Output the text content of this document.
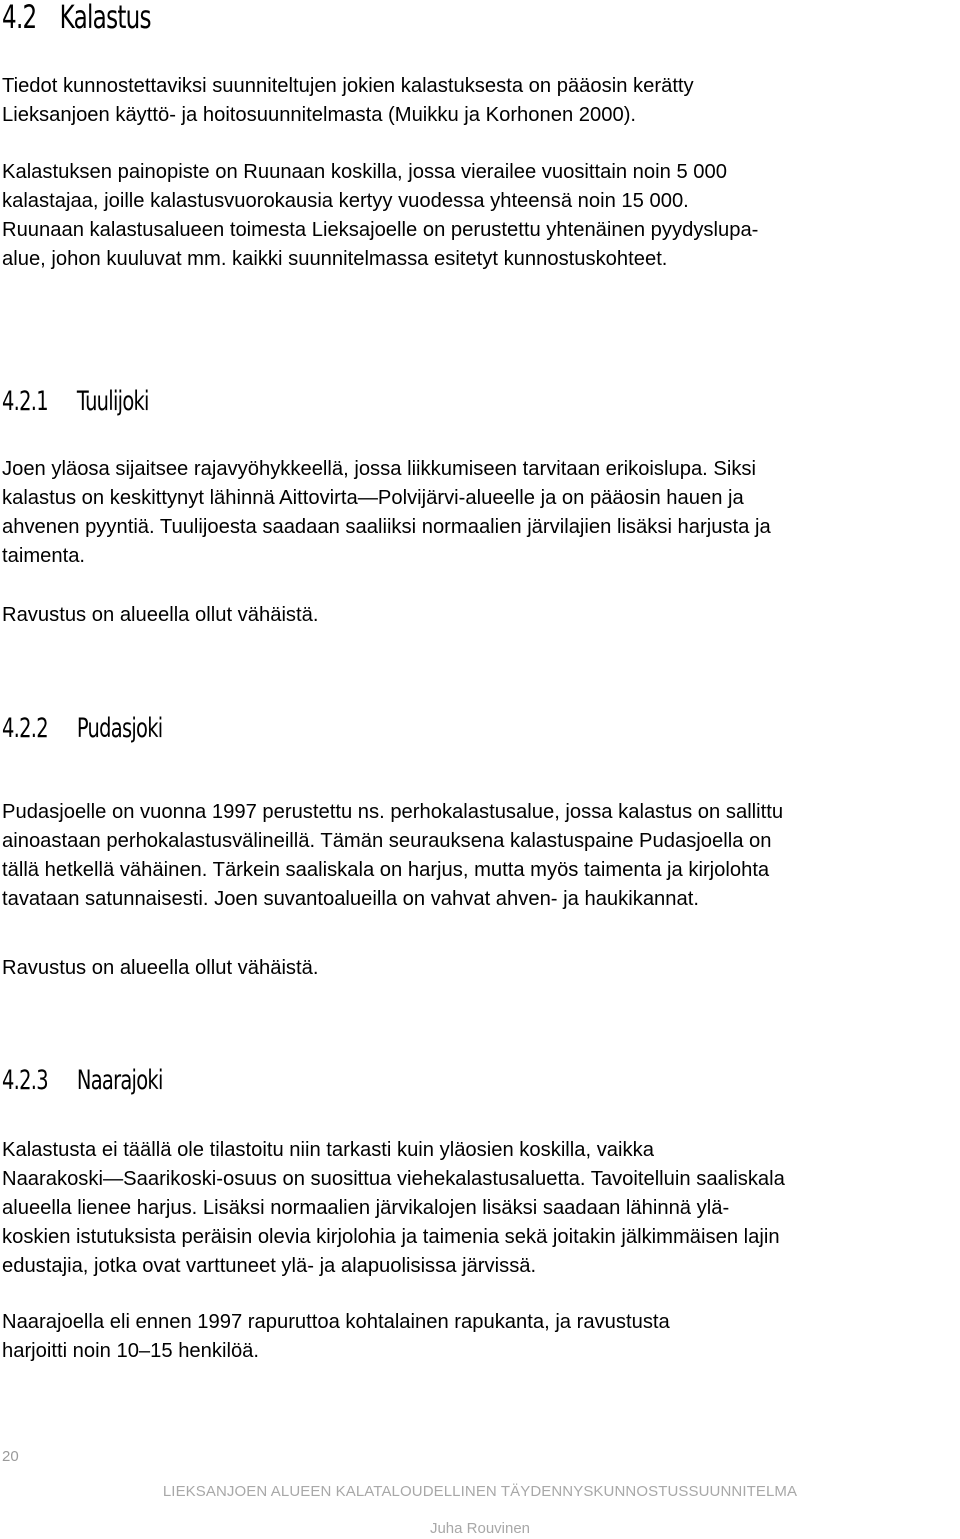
4.2 Kalastus

Tiedot kunnostettaviksi suunniteltujen jokien kalastuksesta on pääosin kerätty
Lieksanjoen käyttö- ja hoitosuunnitelmasta (Muikku ja Korhonen 2000).

Kalastuksen painopiste on Ruunaan koskilla, jossa vierailee vuosittain noin 5 000
kalastajaa, joille kalastusvuorokausia kertyy vuodessa yhteensä noin 15 000.
Ruunaan kalastusalueen toimesta Lieksajoelle on perustettu yhtenäinen pyydyslupa-
alue, johon kuuluvat mm. kaikki suunnitelmassa esitetyt kunnostuskohteet.

4.2.1 Tuulijoki

Joen yläosa sijaitsee rajavyöhykkeellä, jossa liikkumiseen tarvitaan erikoislupa. Siksi
kalastus on keskittynyt lähinnä Aittovirta—Polvijärvi-alueelle ja on pääosin hauen ja
ahvenen pyyntiä. Tuulijoesta saadaan saaliiksi normaalien järvilajien lisäksi harjusta ja
taimenta.

Ravustus on alueella ollut vähäistä.

4.2.2 Pudasjoki

Pudasjoelle on vuonna 1997 perustettu ns. perhokalastusalue, jossa kalastus on sallittu
ainoastaan perhokalastusvälineillä. Tämän seurauksena kalastuspaine Pudasjoella on
tällä hetkellä vähäinen. Tärkein saaliskala on harjus, mutta myös taimenta ja kirjolohta
tavataan satunnaisesti. Joen suvantoalueilla on vahvat ahven- ja haukikannat.

Ravustus on alueella ollut vähäistä.

4.2.3 Naarajoki

Kalastusta ei täällä ole tilastoitu niin tarkasti kuin yläosien koskilla, vaikka
Naarakoski—Saarikoski-osuus on suosittua viehekalastusaluetta. Tavoitelluin saaliskala
alueella lienee harjus. Lisäksi normaalien järvikalojen lisäksi saadaan lähinnä ylä-
koskien istutuksista peräisin olevia kirjolohia ja taimenia sekä joitakin jälkimmäisen lajin
edustajia, jotka ovat varttuneet ylä- ja alapuolisissa järvissä.

Naarajoella eli ennen 1997 rapuruttoa kohtalainen rapukanta, ja ravustusta
harjoitti noin 10–15 henkilöä.

20
LIEKSANJOEN ALUEEN KALATALOUDELLINEN TÄYDENNYSKUNNOSTUSSUUNNITELMA
Juha Rouvinen
